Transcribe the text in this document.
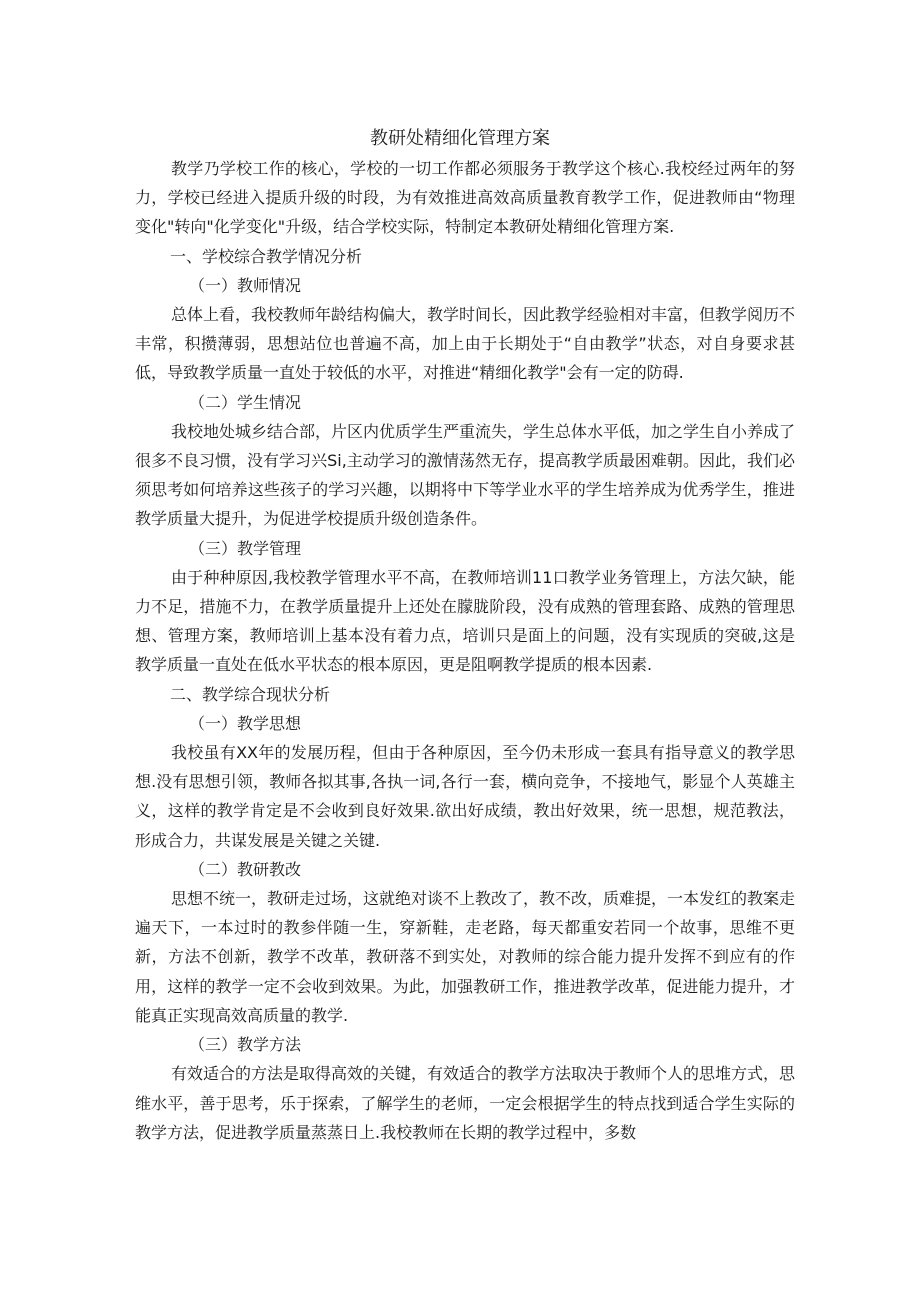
教研处精细化管理方案

教学乃学校工作的核心，学校的一切工作都必须服务于教学这个核心.我校经过两年的努力，学校已经进入提质升级的时段，为有效推进高效高质量教育教学工作，促进教师由“物理变化"转向"化学变化"升级，结合学校实际，特制定本教研处精细化管理方案.

一、学校综合教学情况分析
（一）教师情况

总体上看，我校教师年龄结构偏大，教学时间长，因此教学经验相对丰富，但教学阅历不丰常，积攒薄弱，思想站位也普遍不高，加上由于长期处于“自由教学”状态，对自身要求甚低，导致教学质量一直处于较低的水平，对推进“精细化教学"会有一定的防碍.

（二）学生情况

我校地处城乡结合部，片区内优质学生严重流失，学生总体水平低，加之学生自小养成了很多不良习惯，没有学习兴Si,主动学习的激情荡然无存，提高教学质最困难朝。因此，我们必须思考如何培养这些孩子的学习兴趣，以期将中下等学业水平的学生培养成为优秀学生，推进教学质量大提升，为促进学校提质升级创造条件。

（三）教学管理

由于种种原因,我校教学管理水平不高，在教师培训11口教学业务管理上，方法欠缺，能力不足，措施不力，在教学质量提升上还处在朦胧阶段，没有成熟的管理套路、成熟的管理思想、管理方案，教师培训上基本没有着力点，培训只是面上的问题，没有实现质的突破,这是教学质量一直处在低水平状态的根本原因，更是阻啊教学提质的根本因素.

二、教学综合现状分析
（一）教学思想

我校虽有XX年的发展历程，但由于各种原因，至今仍未形成一套具有指导意义的教学思想.没有思想引领，教师各拟其事,各执一词,各行一套，横向竞争，不接地气，影显个人英雄主义，这样的教学肯定是不会收到良好效果.欲出好成绩，教出好效果，统一思想，规范教法，形成合力，共谋发展是关键之关键.

（二）教研教改

思想不统一，教研走过场，这就绝对谈不上教改了，教不改，质难提，一本发红的教案走遍天下，一本过时的教参伴随一生，穿新鞋，走老路，每天都重安若同一个故事，思维不更新，方法不创新，教学不改革，教研落不到实处，对教师的综合能力提升发挥不到应有的作用，这样的教学一定不会收到效果。为此，加强教研工作，推进教学改革，促进能力提升，才能真正实现高效高质量的教学.

（三）教学方法

有效适合的方法是取得高效的关键，有效适合的教学方法取决于教师个人的思堆方式，思维水平，善于思考，乐于探索，了解学生的老师，一定会根据学生的特点找到适合学生实际的教学方法，促进教学质量蒸蒸日上.我校教师在长期的教学过程中，多数
